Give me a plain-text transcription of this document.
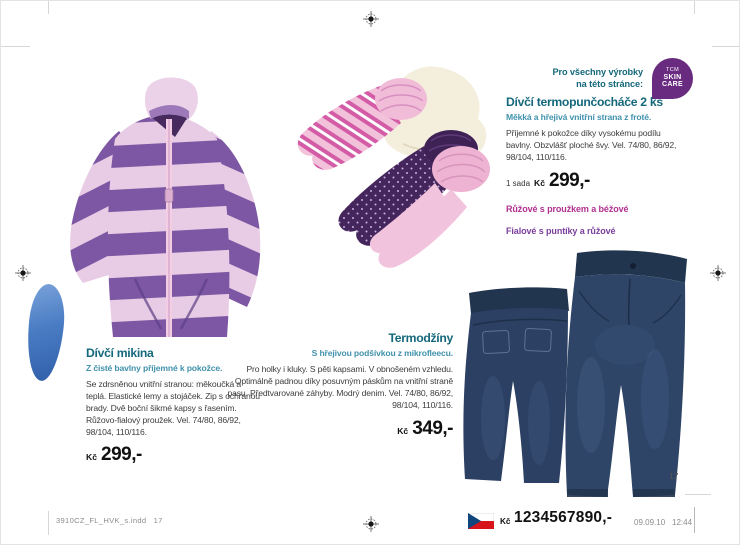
Pro všechny výrobky
na této stránce:
TCM
SKIN
CARE
Dívčí termopunčocháče 2 ks
Měkká a hřejivá vnitřní strana z froté.
Příjemné k pokožce díky vysokému podílu bavlny. Obzvlášť ploché švy. Vel. 74/80, 86/92, 98/104, 110/116.
1 sada Kč 299,-
Růžové s proužkem a béžové
Fialové s puntíky a růžové
Dívčí mikina
Z čisté bavlny příjemné k pokožce.
Se zdrsněnou vnitřní stranou: měkoučká a teplá. Elastické lemy a stojáček. Zip s ochranou brady. Dvě boční šikmé kapsy s řasením. Růžovo-fialový proužek. Vel. 74/80, 86/92, 98/104, 110/116.
Kč 299,-
Termodžíny
S hřejivou podšívkou z mikrofleecu.
Pro holky i kluky. S pěti kapsami. V obnošeném vzhledu. Optimálně padnou díky posuvným páskům na vnitřní straně pasu. Předtvarované záhyby. Modrý denim. Vel. 74/80, 86/92, 98/104, 110/116.
Kč 349,-
17
3910CZ_FL_HVK_s.indd   17	Kč 1234567890,-	09.09.10 12:44
